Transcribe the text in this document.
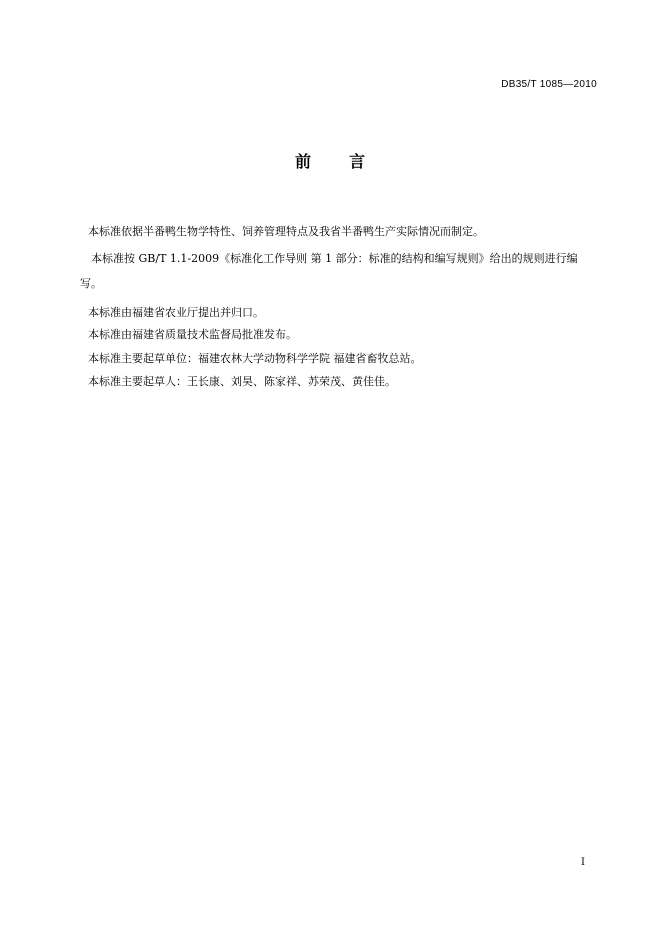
DB35/T 1085—2010
前 言
本标准依据半番鸭生物学特性、饲养管理特点及我省半番鸭生产实际情况而制定。
本标准按 GB/T 1.1-2009《标准化工作导则 第 1 部分：标准的结构和编写规则》给出的规则进行编
写。
本标准由福建省农业厅提出并归口。
本标准由福建省质量技术监督局批准发布。
本标准主要起草单位：福建农林大学动物科学学院 福建省畜牧总站。
本标准主要起草人：王长康、刘昊、陈家祥、苏荣茂、黄佳佳。
I
